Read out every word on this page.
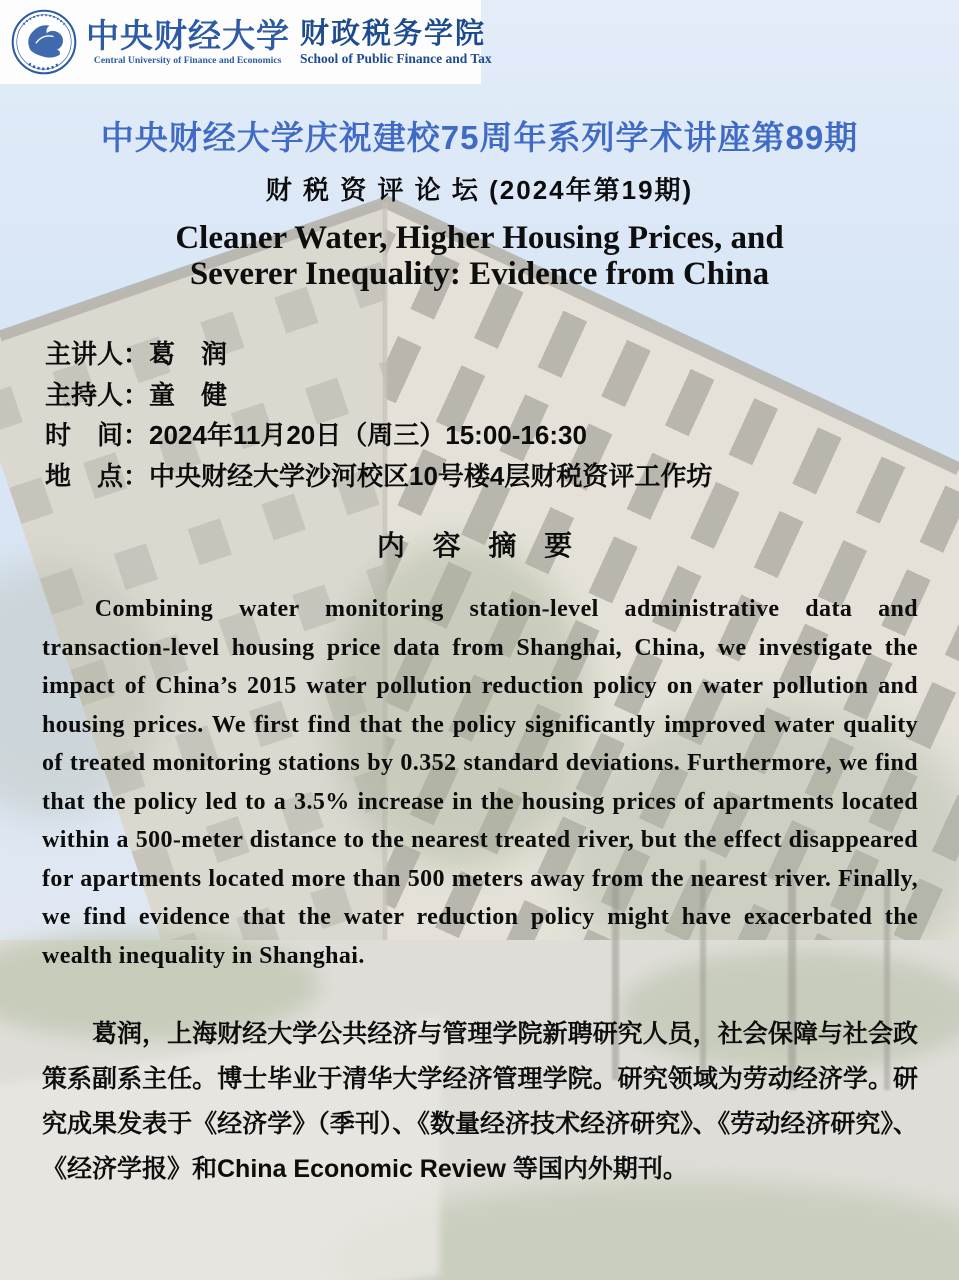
中央财经大学
Central University of Finance and Economics
财政税务学院
School of Public Finance and Tax
中央财经大学庆祝建校75周年系列学术讲座第89期
财 税 资 评 论 坛 (2024年第19期)
Cleaner Water, Higher Housing Prices, and
Severer Inequality: Evidence from China
主讲人：葛　润
主持人：童　健
时　间：2024年11月20日（周三）15:00-16:30
地　点：中央财经大学沙河校区10号楼4层财税资评工作坊
内 容 摘 要
Combining water monitoring station-level administrative data and transaction-level housing price data from Shanghai, China, we investigate the impact of China’s 2015 water pollution reduction policy on water pollution and housing prices. We first find that the policy significantly improved water quality of treated monitoring stations by 0.352 standard deviations. Furthermore, we find that the policy led to a 3.5% increase in the housing prices of apartments located within a 500-meter distance to the nearest treated river, but the effect disappeared for apartments located more than 500 meters away from the nearest river. Finally, we find evidence that the water reduction policy might have exacerbated the wealth inequality in Shanghai.
葛润，上海财经大学公共经济与管理学院新聘研究人员，社会保障与社会政策系副系主任。博士毕业于清华大学经济管理学院。研究领域为劳动经济学。研究成果发表于《经济学》（季刊）、《数量经济技术经济研究》、《劳动经济研究》、《经济学报》和China Economic Review 等国内外期刊。
